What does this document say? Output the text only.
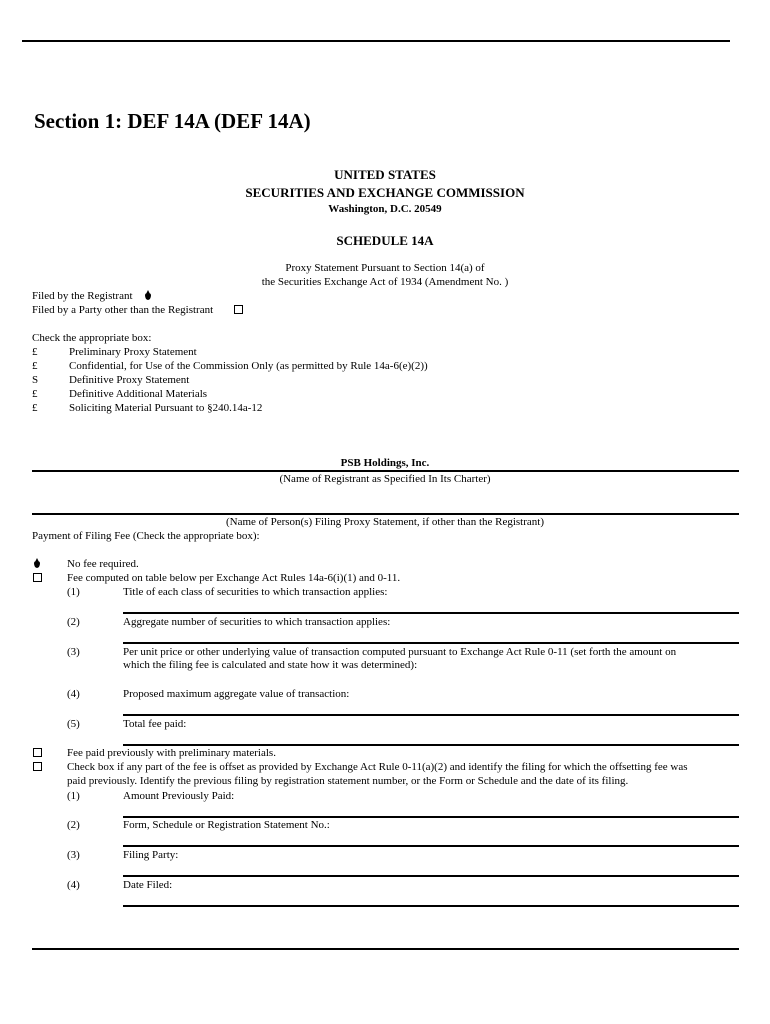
Section 1: DEF 14A (DEF 14A)
UNITED STATES
SECURITIES AND EXCHANGE COMMISSION
Washington, D.C. 20549
SCHEDULE 14A
Proxy Statement Pursuant to Section 14(a) of
the Securities Exchange Act of 1934 (Amendment No. )
Filed by the Registrant
Filed by a Party other than the Registrant
Check the appropriate box:
£	Preliminary Proxy Statement
£	Confidential, for Use of the Commission Only (as permitted by Rule 14a-6(e)(2))
S	Definitive Proxy Statement
£	Definitive Additional Materials
£	Soliciting Material Pursuant to §240.14a-12
PSB Holdings, Inc.
(Name of Registrant as Specified In Its Charter)
(Name of Person(s) Filing Proxy Statement, if other than the Registrant)
Payment of Filing Fee (Check the appropriate box):
No fee required.
Fee computed on table below per Exchange Act Rules 14a-6(i)(1) and 0-11.
(1)	Title of each class of securities to which transaction applies:
(2)	Aggregate number of securities to which transaction applies:
(3)	Per unit price or other underlying value of transaction computed pursuant to Exchange Act Rule 0-11 (set forth the amount on
which the filing fee is calculated and state how it was determined):
(4)	Proposed maximum aggregate value of transaction:
(5)	Total fee paid:
Fee paid previously with preliminary materials.
Check box if any part of the fee is offset as provided by Exchange Act Rule 0-11(a)(2) and identify the filing for which the offsetting fee was
paid previously. Identify the previous filing by registration statement number, or the Form or Schedule and the date of its filing.
(1)	Amount Previously Paid:
(2)	Form, Schedule or Registration Statement No.:
(3)	Filing Party:
(4)	Date Filed:
